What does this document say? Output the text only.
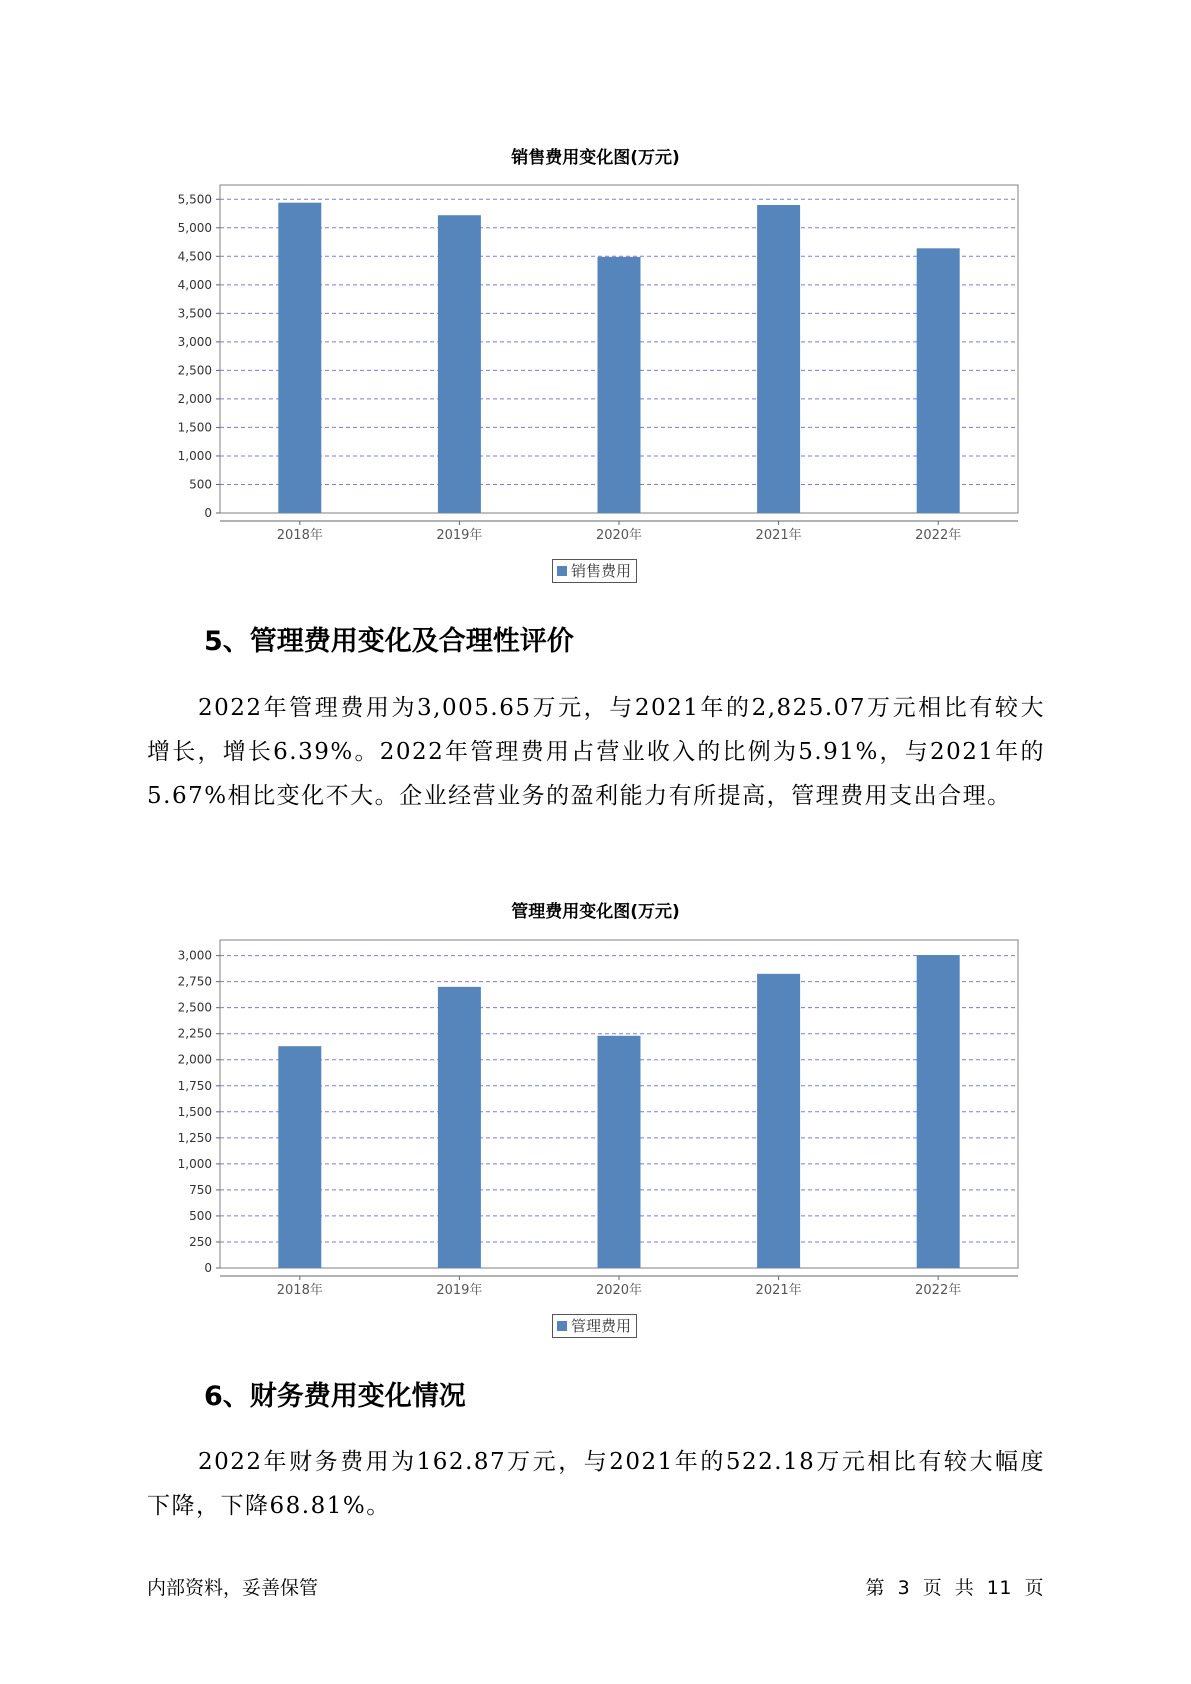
销售费用变化图(万元)
0
500
1,000
1,500
2,000
2,500
3,000
3,500
4,000
4,500
5,000
5,500
2018年	2019年	2020年	2021年	2022年
销售费用
5、管理费用变化及合理性评价

2022年管理费用为3,005.65万元，与2021年的2,825.07万元相比有较大增长，增长6.39%。2022年管理费用占营业收入的比例为5.91%，与2021年的5.67%相比变化不大。企业经营业务的盈利能力有所提高，管理费用支出合理。

管理费用变化图(万元)
0
250
500
750
1,000
1,250
1,500
1,750
2,000
2,250
2,500
2,750
3,000
2018年	2019年	2020年	2021年	2022年
管理费用
6、财务费用变化情况

2022年财务费用为162.87万元，与2021年的522.18万元相比有较大幅度下降，下降68.81%。

内部资料，妥善保管	第 3 页 共 11 页
